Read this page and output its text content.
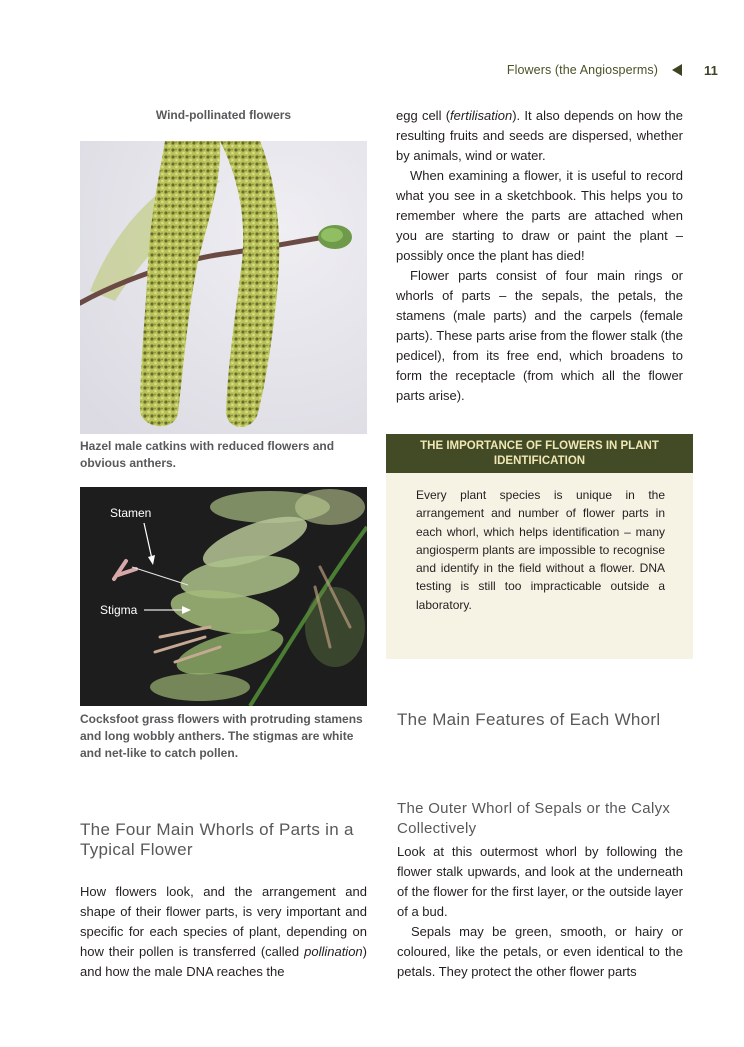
Flowers (the Angiosperms)	11
Wind-pollinated flowers
Hazel male catkins with reduced flowers and obvious anthers.
Stamen
Stigma
Cocksfoot grass flowers with protruding stamens and long wobbly anthers. The stigmas are white and net-like to catch pollen.

egg cell (fertilisation). It also depends on how the resulting fruits and seeds are dispersed, whether by animals, wind or water.

When examining a flower, it is useful to record what you see in a sketchbook. This helps you to remember where the parts are attached when you are starting to draw or paint the plant – possibly once the plant has died!

Flower parts consist of four main rings or whorls of parts – the sepals, the petals, the stamens (male parts) and the carpels (female parts). These parts arise from the flower stalk (the pedicel), from its free end, which broadens to form the receptacle (from which all the flower parts arise).

THE IMPORTANCE OF FLOWERS IN PLANT IDENTIFICATION
Every plant species is unique in the arrangement and number of flower parts in each whorl, which helps identification – many angiosperm plants are impossible to recognise and identify in the field without a flower. DNA testing is still too impracticable outside a laboratory.
The Main Features of Each Whorl
The Outer Whorl of Sepals or the Calyx Collectively

Look at this outermost whorl by following the flower stalk upwards, and look at the underneath of the flower for the first layer, or the outside layer of a bud.

Sepals may be green, smooth, or hairy or coloured, like the petals, or even identical to the petals. They protect the other flower parts

The Four Main Whorls of Parts in a Typical Flower

How flowers look, and the arrangement and shape of their flower parts, is very important and specific for each species of plant, depending on how their pollen is transferred (called pollination) and how the male DNA reaches the
